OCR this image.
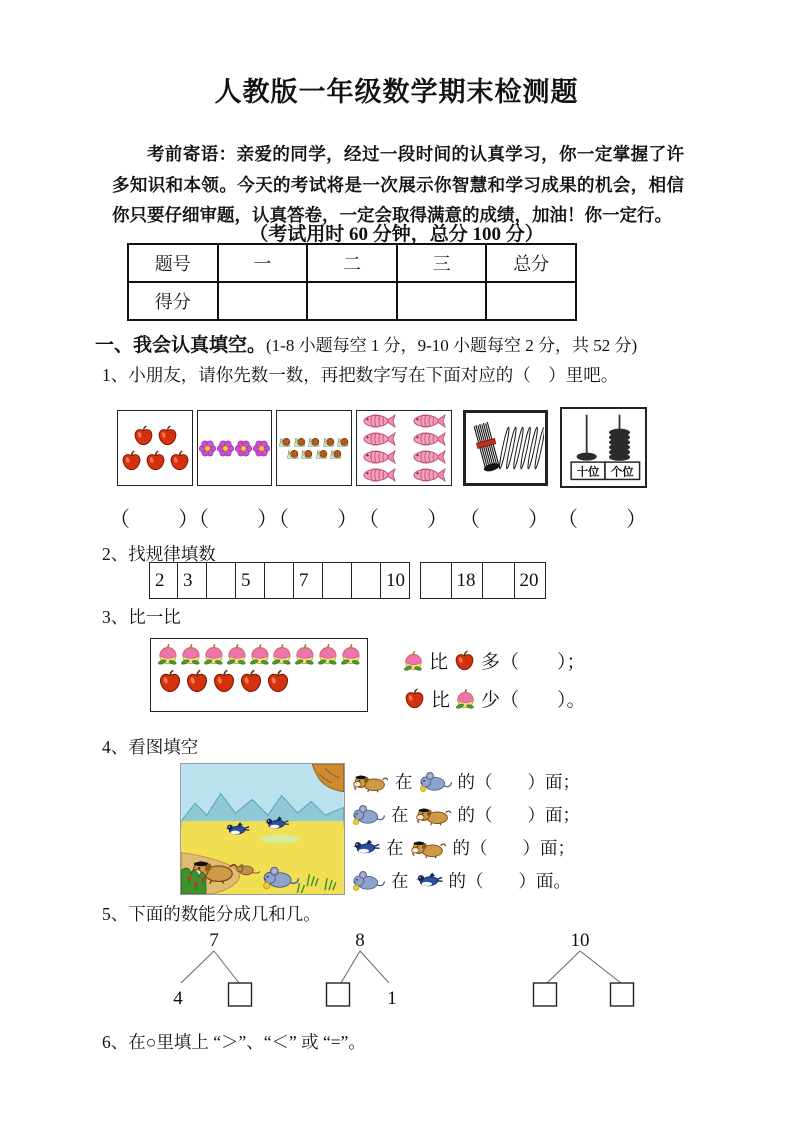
人教版一年级数学期末检测题
考前寄语：亲爱的同学，经过一段时间的认真学习，你一定掌握了许多知识和本领。今天的考试将是一次展示你智慧和学习成果的机会，相信你只要仔细审题，认真答卷，一定会取得满意的成绩，加油！你一定行。
（考试用时 60 分钟，总分 100 分）
题号	一	二	三	总分
得分				
一、我会认真填空。(1-8 小题每空 1 分，9-10 小题每空 2 分，共 52 分)
1、小朋友，请你先数一数，再把数字写在下面对应的（　）里吧。
十位 个位
（　　）
（　　）
（　　）
（　　） （　　） （　　）
2、找规律填数
2 3	5	7	10	18	20
3、比一比
比 多（　　）；
比 少（　　）。
4、看图填空
在	的（　　）面；
在	的（　　）面；
在	的（　　）面；
在 的（　　）面。
5、下面的数能分成几和几。
7
4
8
1
10
6、在○里填上 “＞”、“＜” 或 “=”。
